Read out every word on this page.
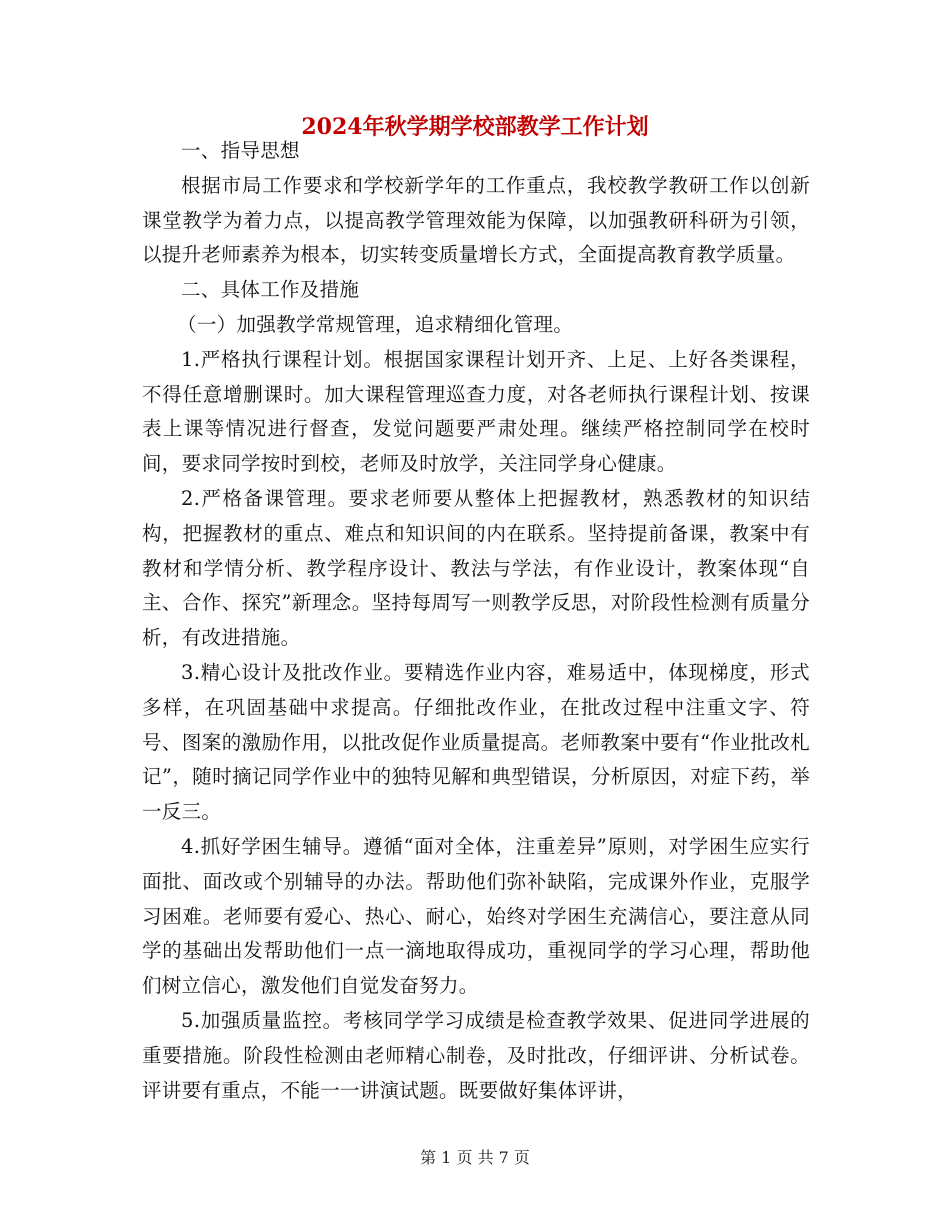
2024年秋学期学校部教学工作计划

一、指导思想

根据市局工作要求和学校新学年的工作重点，我校教学教研工作以创新课堂教学为着力点，以提高教学管理效能为保障，以加强教研科研为引领，以提升老师素养为根本，切实转变质量增长方式，全面提高教育教学质量。

二、具体工作及措施

（一）加强教学常规管理，追求精细化管理。

1.严格执行课程计划。根据国家课程计划开齐、上足、上好各类课程，不得任意增删课时。加大课程管理巡查力度，对各老师执行课程计划、按课表上课等情况进行督查，发觉问题要严肃处理。继续严格控制同学在校时间，要求同学按时到校，老师及时放学，关注同学身心健康。

2.严格备课管理。要求老师要从整体上把握教材，熟悉教材的知识结构，把握教材的重点、难点和知识间的内在联系。坚持提前备课，教案中有教材和学情分析、教学程序设计、教法与学法，有作业设计，教案体现“自主、合作、探究”新理念。坚持每周写一则教学反思，对阶段性检测有质量分析，有改进措施。

3.精心设计及批改作业。要精选作业内容，难易适中，体现梯度，形式多样，在巩固基础中求提高。仔细批改作业，在批改过程中注重文字、符号、图案的激励作用，以批改促作业质量提高。老师教案中要有“作业批改札记”，随时摘记同学作业中的独特见解和典型错误，分析原因，对症下药，举一反三。

4.抓好学困生辅导。遵循“面对全体，注重差异”原则，对学困生应实行面批、面改或个别辅导的办法。帮助他们弥补缺陷，完成课外作业，克服学习困难。老师要有爱心、热心、耐心，始终对学困生充满信心，要注意从同学的基础出发帮助他们一点一滴地取得成功，重视同学的学习心理，帮助他们树立信心，激发他们自觉发奋努力。

5.加强质量监控。考核同学学习成绩是检查教学效果、促进同学进展的重要措施。阶段性检测由老师精心制卷，及时批改，仔细评讲、分析试卷。评讲要有重点，不能一一讲演试题。既要做好集体评讲，

第 1 页 共 7 页
